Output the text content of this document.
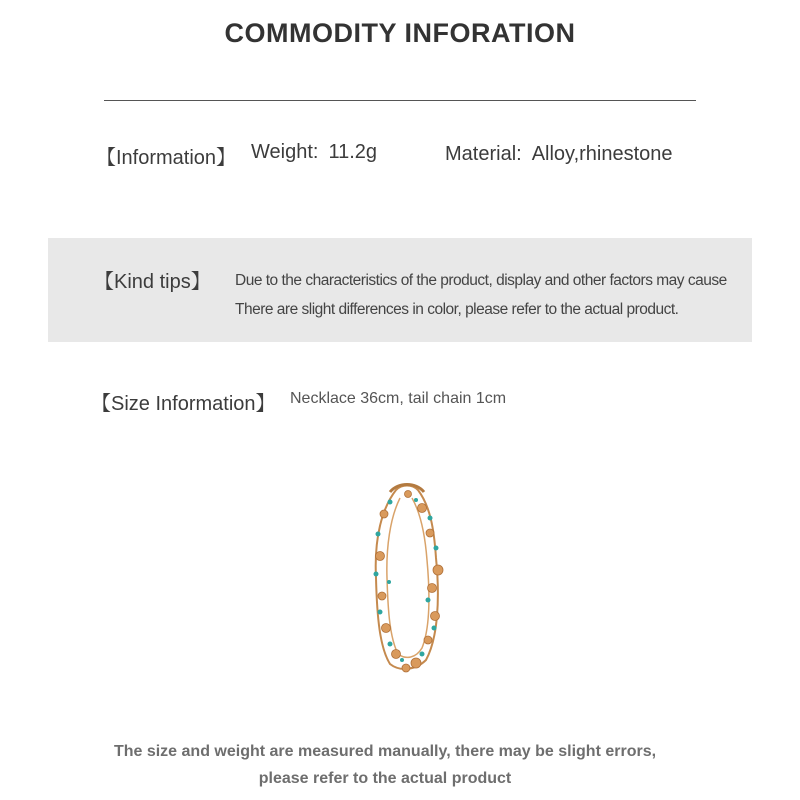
COMMODITY INFORATION
【Information】 Weight: 11.2g	Material: Alloy,rhinestone
【Kind tips】 Due to the characteristics of the product, display and other factors may cause
There are slight differences in color, please refer to the actual product.
【Size Information】 Necklace 36cm, tail chain 1cm
The size and weight are measured manually, there may be slight errors,
please refer to the actual product
